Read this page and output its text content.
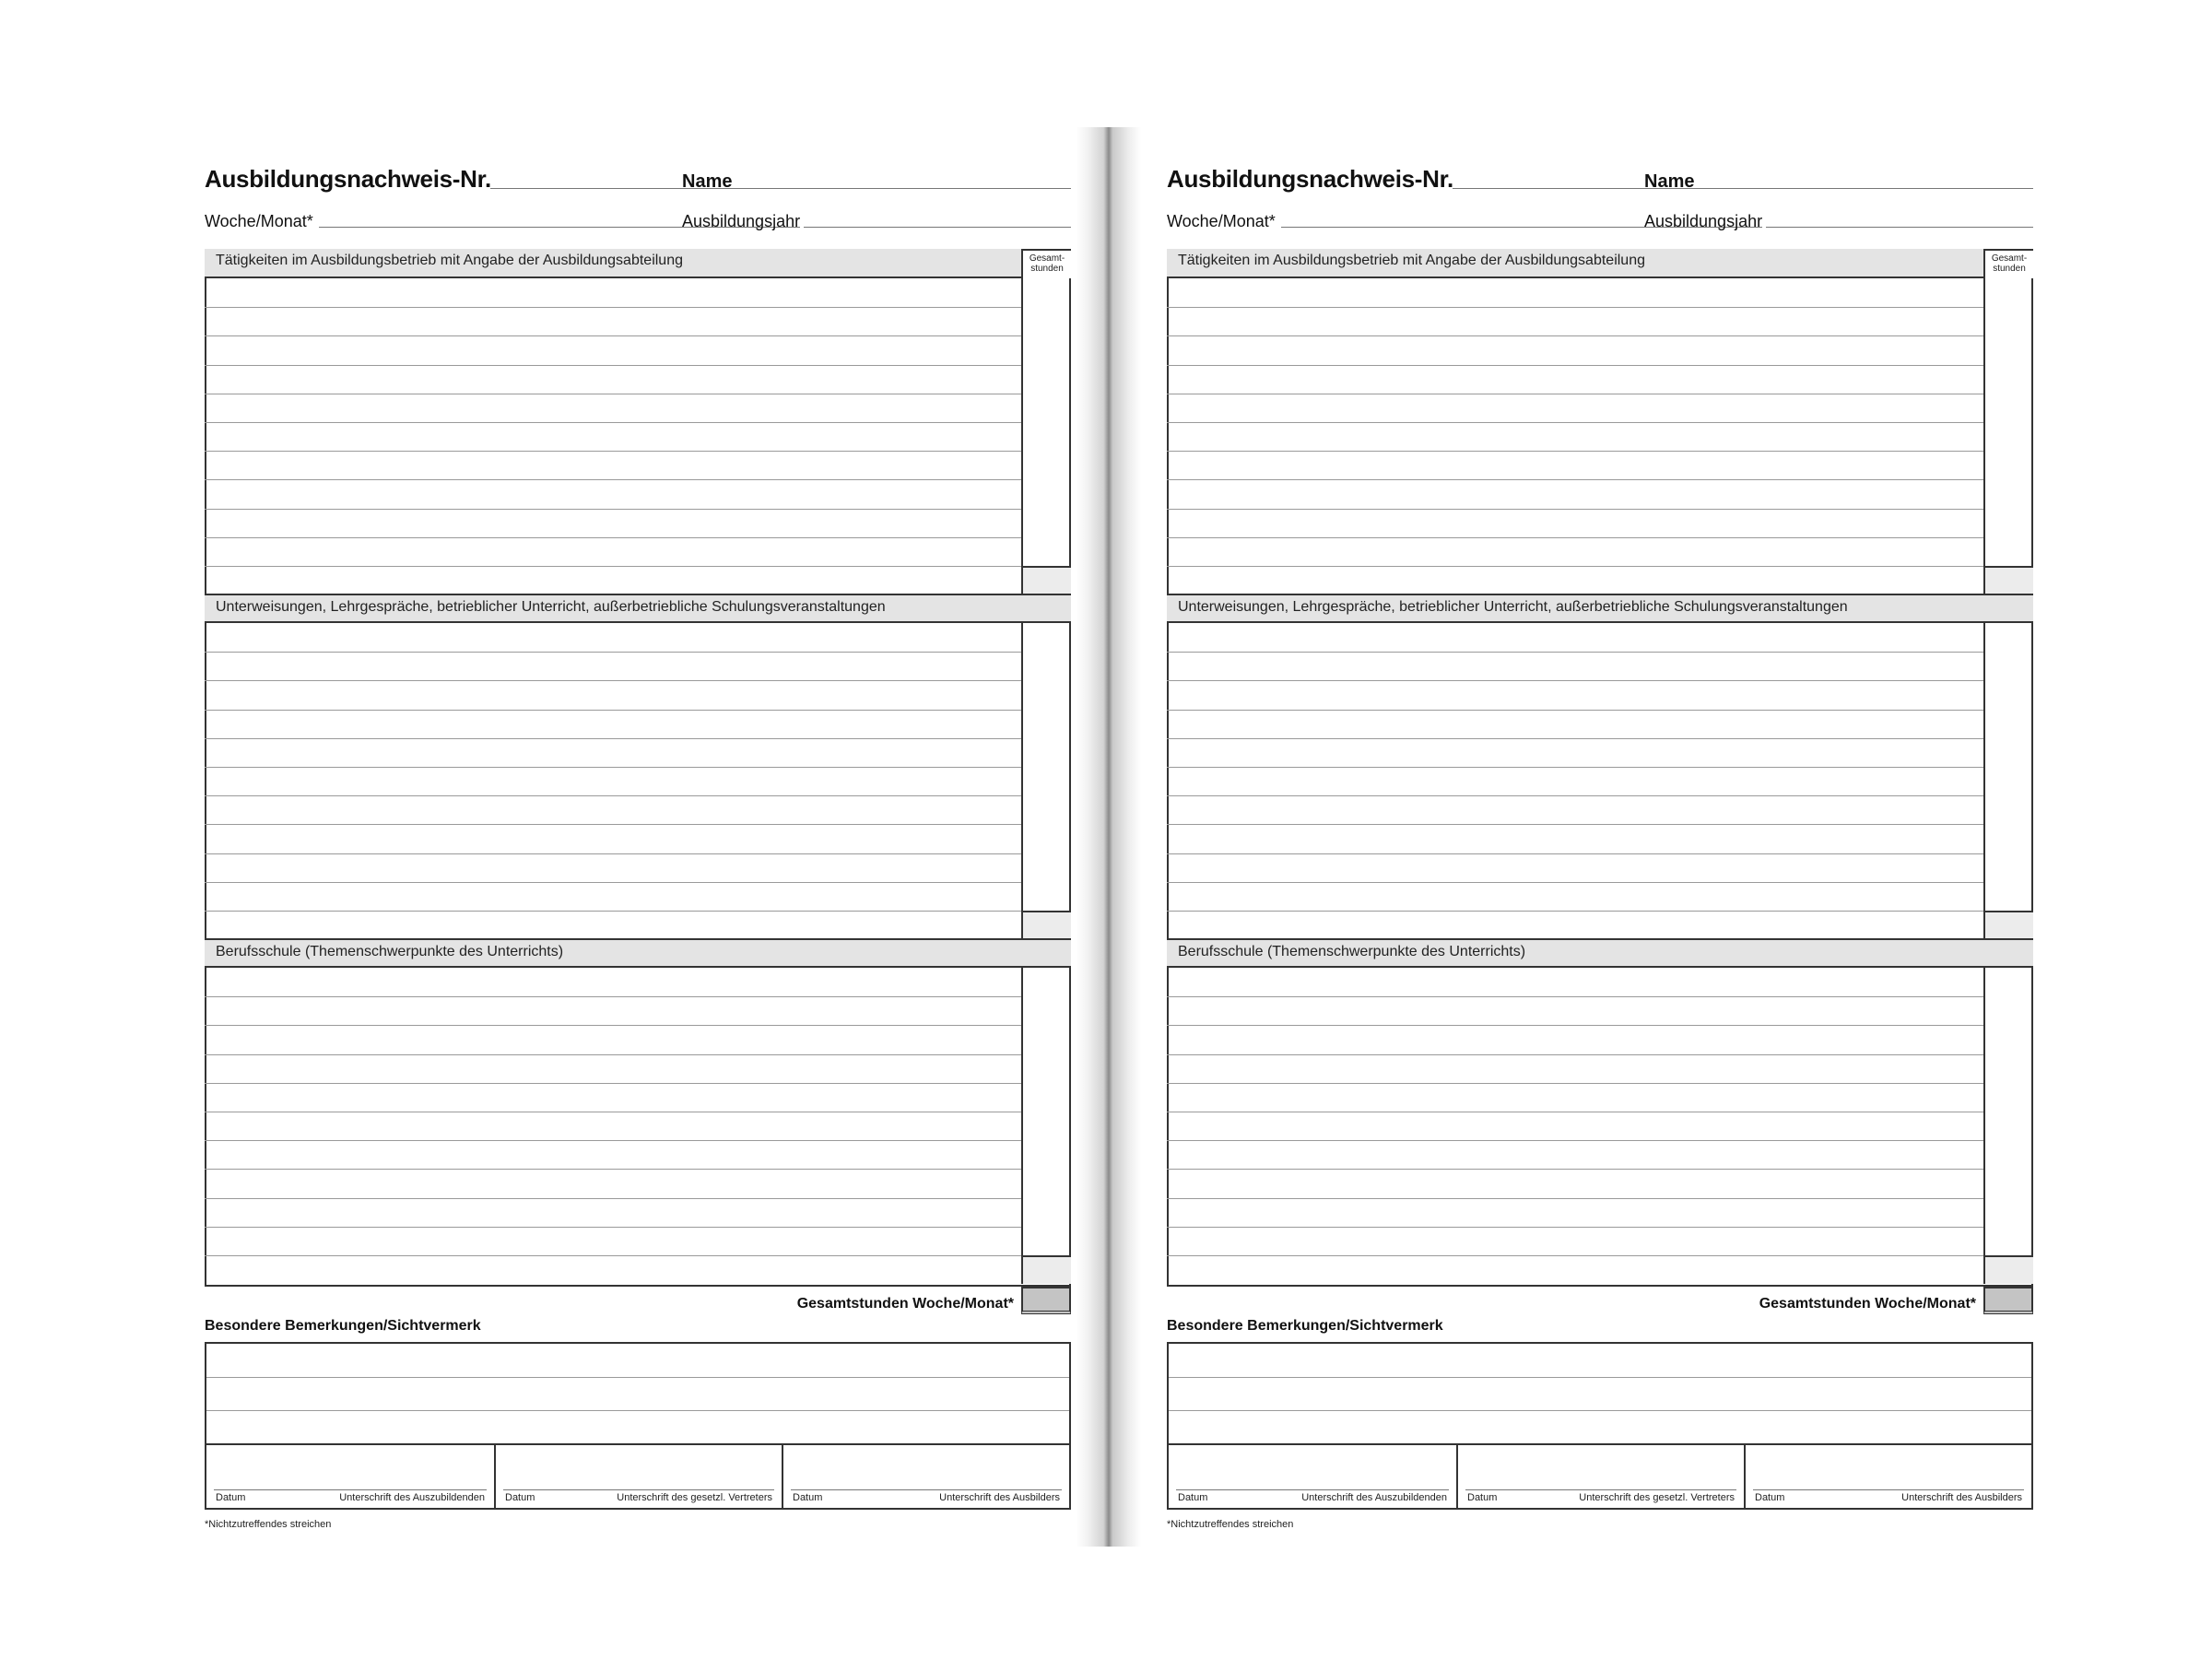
Ausbildungsnachweis-Nr.	Name
Woche/Monat*	Ausbildungsjahr
Gesamt-
stunden
Tätigkeiten im Ausbildungsbetrieb mit Angabe der Ausbildungsabteilung
Unterweisungen, Lehrgespräche, betrieblicher Unterricht, außerbetriebliche Schulungsveranstaltungen
Berufsschule (Themenschwerpunkte des Unterrichts)
Gesamtstunden Woche/Monat*
Besondere Bemerkungen/Sichtvermerk
Datum	Unterschrift des Auszubildenden Datum	Unterschrift des gesetzl. Vertreters Datum	Unterschrift des Ausbilders
*Nichtzutreffendes streichen
Ausbildungsnachweis-Nr.	Name
Woche/Monat*	Ausbildungsjahr
Gesamt-
stunden
Tätigkeiten im Ausbildungsbetrieb mit Angabe der Ausbildungsabteilung
Unterweisungen, Lehrgespräche, betrieblicher Unterricht, außerbetriebliche Schulungsveranstaltungen
Berufsschule (Themenschwerpunkte des Unterrichts)
Gesamtstunden Woche/Monat*
Besondere Bemerkungen/Sichtvermerk
Datum	Unterschrift des Auszubildenden Datum	Unterschrift des gesetzl. Vertreters Datum	Unterschrift des Ausbilders
*Nichtzutreffendes streichen
